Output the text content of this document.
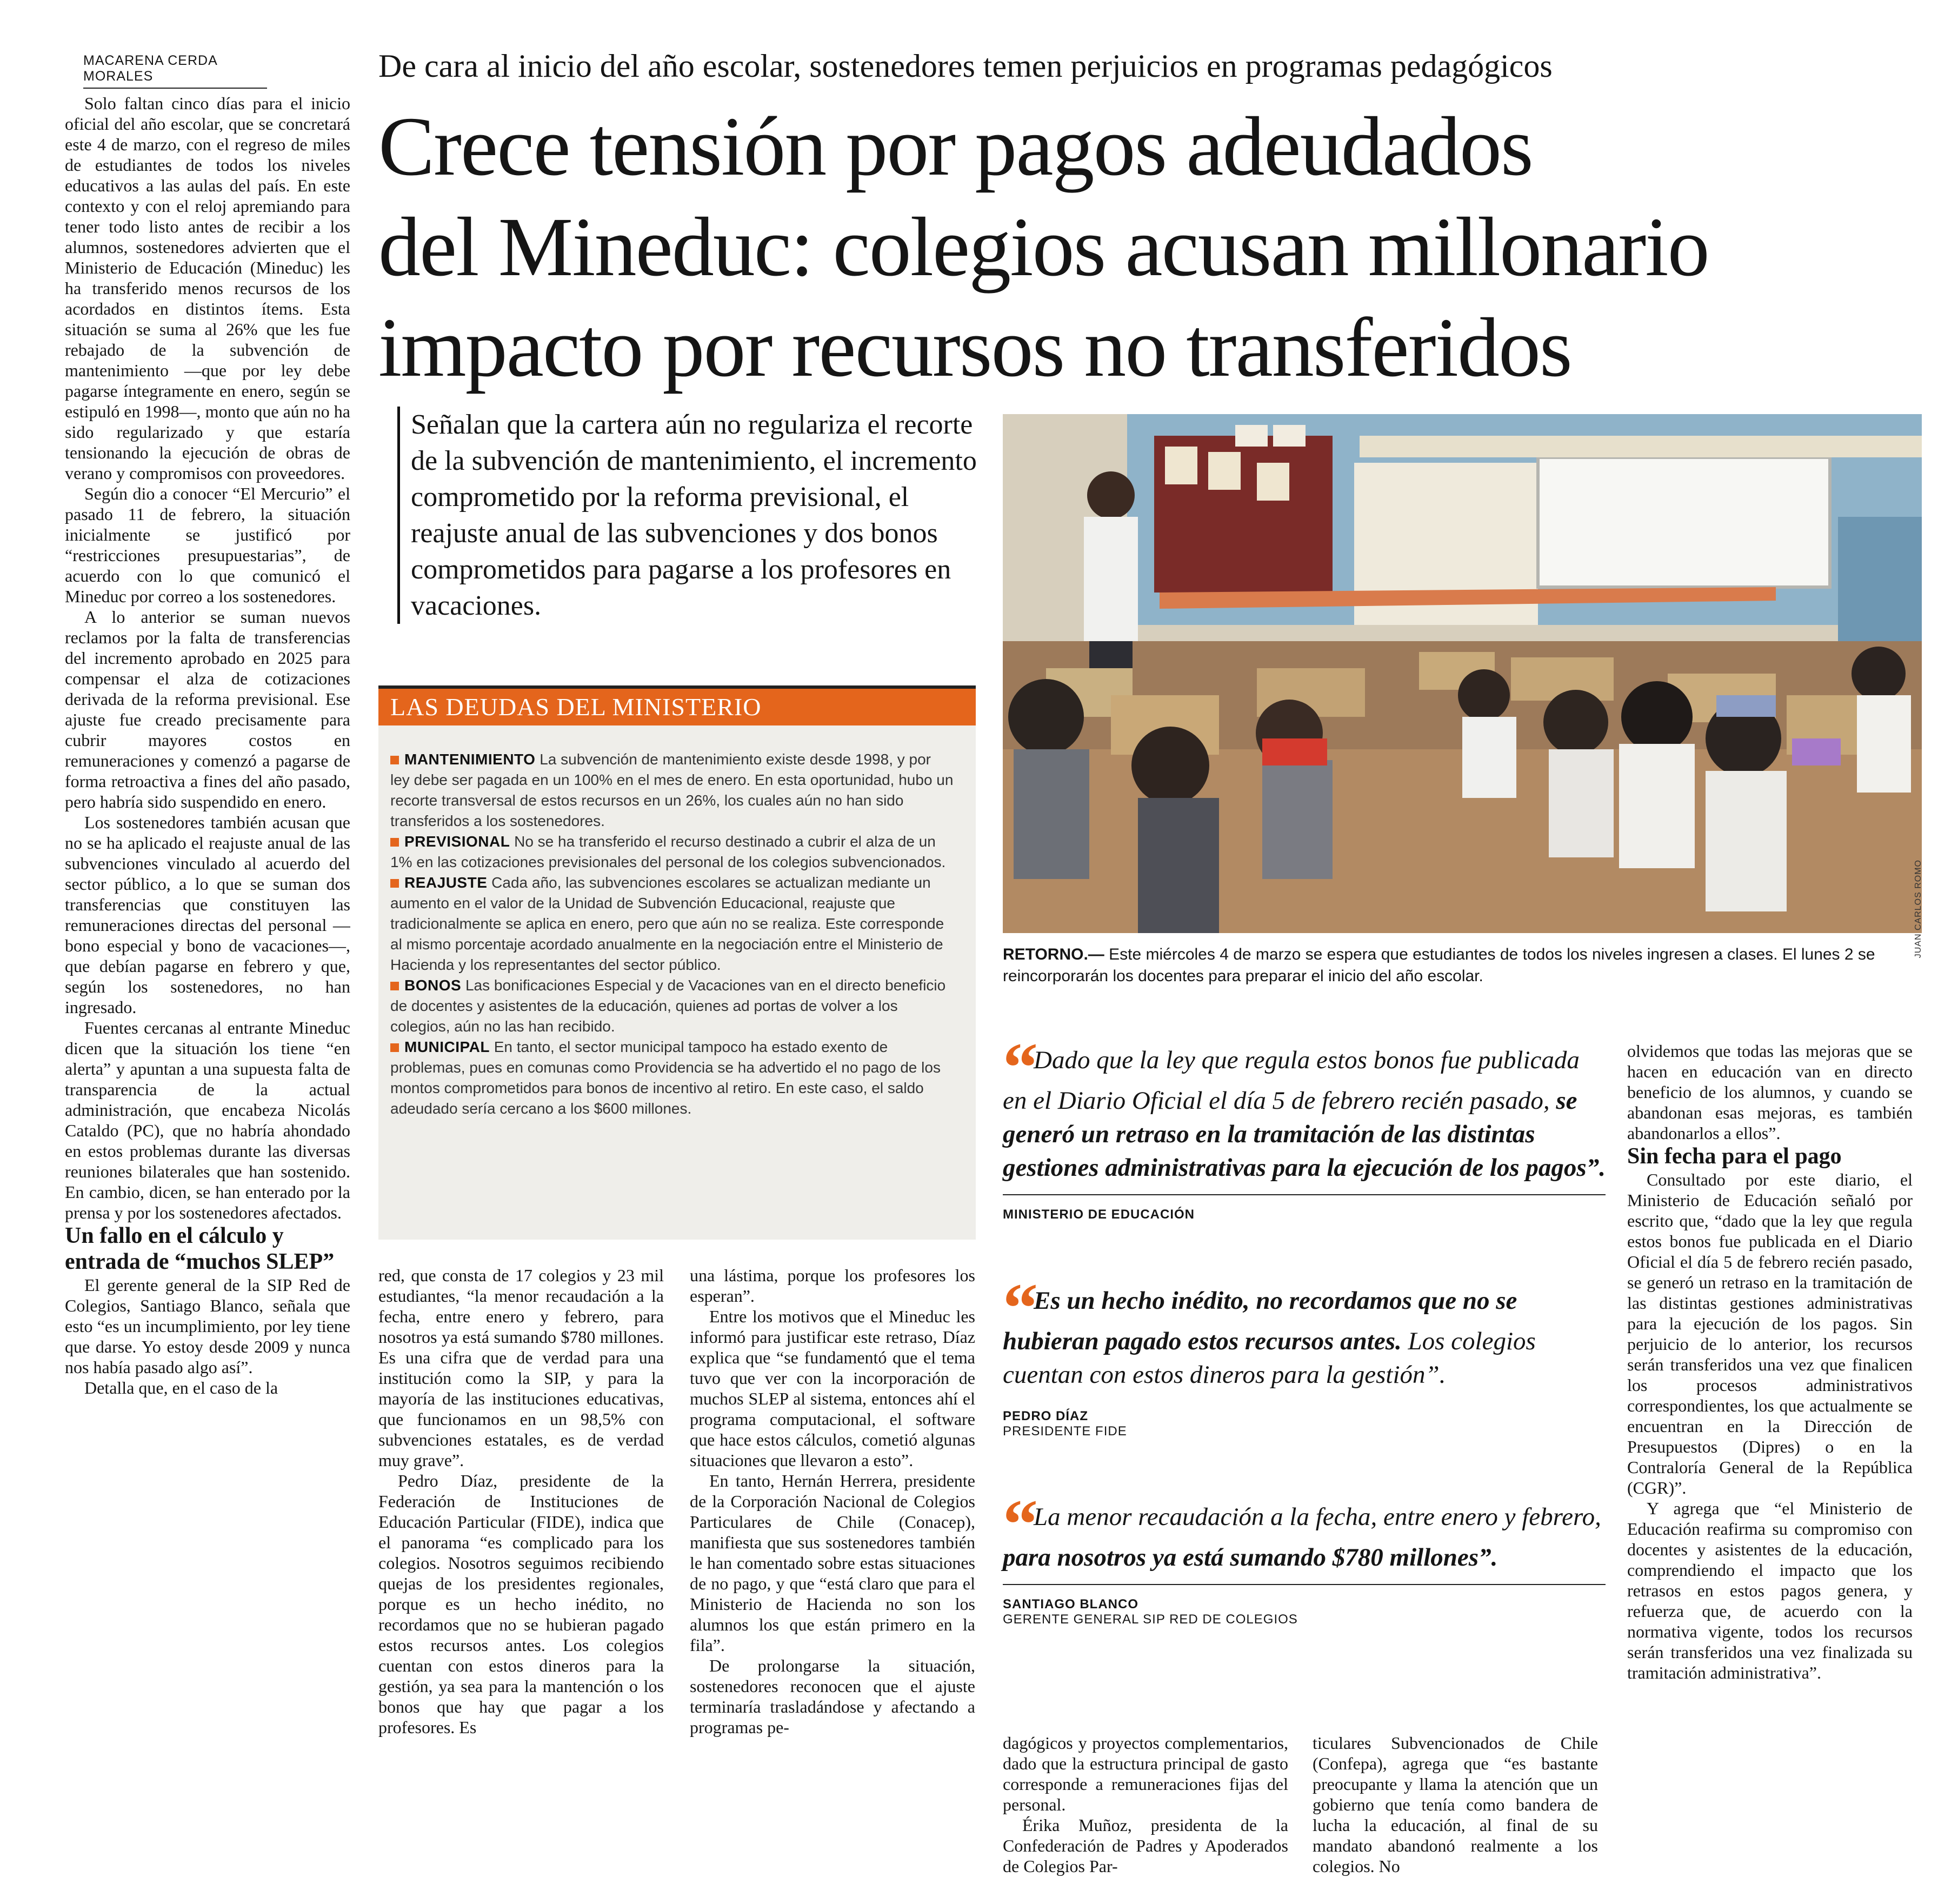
MACARENA CERDA MORALES	De cara al inicio del año escolar, sostenedores temen perjuicios en programas pedagógicos
Crece tensión por pagos adeudados
del Mineduc: colegios acusan millonario
impacto por recursos no transferidos

Solo faltan cinco días para el inicio oficial del año escolar, que se concretará este 4 de marzo, con el regreso de miles de estudiantes de todos los niveles educativos a las aulas del país. En este contexto y con el reloj apremiando para tener todo listo antes de recibir a los alumnos, sostenedores advierten que el Ministerio de Educación (Mineduc) les ha transferido menos recursos de los acordados en distintos ítems. Esta situación se suma al 26% que les fue rebajado de la subvención de mantenimiento —que por ley debe pagarse íntegramente en enero, según se estipuló en 1998—, monto que aún no ha sido regularizado y que estaría tensionando la ejecución de obras de verano y compromisos con proveedores.

Según dio a conocer “El Mercurio” el pasado 11 de febrero, la situación inicialmente se justificó por “restricciones presupuestarias”, de acuerdo con lo que comunicó el Mineduc por correo a los sostenedores.

A lo anterior se suman nuevos reclamos por la falta de transferencias del incremento aprobado en 2025 para compensar el alza de cotizaciones derivada de la reforma previsional. Ese ajuste fue creado precisamente para cubrir mayores costos en remuneraciones y comenzó a pagarse de forma retroactiva a fines del año pasado, pero habría sido suspendido en enero.

Los sostenedores también acusan que no se ha aplicado el reajuste anual de las subvenciones vinculado al acuerdo del sector público, a lo que se suman dos transferencias que constituyen las remuneraciones directas del personal —bono especial y bono de vacaciones—, que debían pagarse en febrero y que, según los sostenedores, no han ingresado.

Fuentes cercanas al entrante Mineduc dicen que la situación los tiene “en alerta” y apuntan a una supuesta falta de transparencia de la actual administración, que encabeza Nicolás Cataldo (PC), que no habría ahondado en estos problemas durante las diversas reuniones bilaterales que han sostenido. En cambio, dicen, se han enterado por la prensa y por los sostenedores afectados.

Un fallo en el cálculo y entrada de “muchos SLEP”

El gerente general de la SIP Red de Colegios, Santiago Blanco, señala que esto “es un incumplimiento, por ley tiene que darse. Yo estoy desde 2009 y nunca nos había pasado algo así”.

Detalla que, en el caso de la

Señalan que la cartera aún no regulariza el recorte de la subvención de mantenimiento, el incremento comprometido por la reforma previsional, el reajuste anual de las subvenciones y dos bonos comprometidos para pagarse a los profesores en vacaciones.
LAS DEUDAS DEL MINISTERIO

MANTENIMIENTO La subvención de mantenimiento existe desde 1998, y por ley debe ser pagada en un 100% en el mes de enero. En esta oportunidad, hubo un recorte transversal de estos recursos en un 26%, los cuales aún no han sido transferidos a los sostenedores.

PREVISIONAL No se ha transferido el recurso destinado a cubrir el alza de un 1% en las cotizaciones previsionales del personal de los colegios subvencionados.

REAJUSTE Cada año, las subvenciones escolares se actualizan mediante un aumento en el valor de la Unidad de Subvención Educacional, reajuste que tradicionalmente se aplica en enero, pero que aún no se realiza. Este corresponde al mismo porcentaje acordado anualmente en la negociación entre el Ministerio de Hacienda y los representantes del sector público.

BONOS Las bonificaciones Especial y de Vacaciones van en el directo beneficio de docentes y asistentes de la educación, quienes ad portas de volver a los colegios, aún no las han recibido.

MUNICIPAL En tanto, el sector municipal tampoco ha estado exento de problemas, pues en comunas como Providencia se ha advertido el no pago de los montos comprometidos para bonos de incentivo al retiro. En este caso, el saldo adeudado sería cercano a los $600 millones.

red, que consta de 17 colegios y 23 mil estudiantes, “la menor recaudación a la fecha, entre enero y febrero, para nosotros ya está sumando $780 millones. Es una cifra que de verdad para una institución como la SIP, y para la mayoría de las instituciones educativas, que funcionamos en un 98,5% con subvenciones estatales, es de verdad muy grave”.

Pedro Díaz, presidente de la Federación de Instituciones de Educación Particular (FIDE), indica que el panorama “es complicado para los colegios. Nosotros seguimos recibiendo quejas de los presidentes regionales, porque es un hecho inédito, no recordamos que no se hubieran pagado estos recursos antes. Los colegios cuentan con estos dineros para la gestión, ya sea para la mantención o los bonos que hay que pagar a los profesores. Es

una lástima, porque los profesores los esperan”.

Entre los motivos que el Mineduc les informó para justificar este retraso, Díaz explica que “se fundamentó que el tema tuvo que ver con la incorporación de muchos SLEP al sistema, entonces ahí el programa computacional, el software que hace estos cálculos, cometió algunas situaciones que llevaron a esto”.

En tanto, Hernán Herrera, presidente de la Corporación Nacional de Colegios Particulares de Chile (Conacep), manifiesta que sus sostenedores también le han comentado sobre estas situaciones de no pago, y que “está claro que para el Ministerio de Hacienda no son los alumnos los que están primero en la fila”.

De prolongarse la situación, sostenedores reconocen que el ajuste terminaría trasladándose y afectando a programas pe-

JUAN CARLOS ROMO
RETORNO.— Este miércoles 4 de marzo se espera que estudiantes de todos los niveles ingresen a clases. El lunes 2 se reincorporarán los docentes para preparar el inicio del año escolar.
“ Dado que la ley que regula estos bonos fue publicada en el Diario Oficial el día 5 de febrero recién pasado, se generó un retraso en la tramitación de las distintas gestiones administrativas para la ejecución de los pagos”.
MINISTERIO DE EDUCACIÓN
“ Es un hecho inédito, no recordamos que no se hubieran pagado estos recursos antes. Los colegios cuentan con estos dineros para la gestión”.
PEDRO DÍAZ
PRESIDENTE FIDE
“ La menor recaudación a la fecha, entre enero y febrero, para nosotros ya está sumando $780 millones”.
SANTIAGO BLANCO
GERENTE GENERAL SIP RED DE COLEGIOS

dagógicos y proyectos complementarios, dado que la estructura principal de gasto corresponde a remuneraciones fijas del personal.

Érika Muñoz, presidenta de la Confederación de Padres y Apoderados de Colegios Par-

ticulares Subvencionados de Chile (Confepa), agrega que “es bastante preocupante y llama la atención que un gobierno que tenía como bandera de lucha la educación, al final de su mandato abandonó realmente a los colegios. No

olvidemos que todas las mejoras que se hacen en educación van en directo beneficio de los alumnos, y cuando se abandonan esas mejoras, es también abandonarlos a ellos”.

Sin fecha para el pago

Consultado por este diario, el Ministerio de Educación señaló por escrito que, “dado que la ley que regula estos bonos fue publicada en el Diario Oficial el día 5 de febrero recién pasado, se generó un retraso en la tramitación de las distintas gestiones administrativas para la ejecución de los pagos. Sin perjuicio de lo anterior, los recursos serán transferidos una vez que finalicen los procesos administrativos correspondientes, los que actualmente se encuentran en la Dirección de Presupuestos (Dipres) o en la Contraloría General de la República (CGR)”.

Y agrega que “el Ministerio de Educación reafirma su compromiso con docentes y asistentes de la educación, comprendiendo el impacto que los retrasos en estos pagos genera, y refuerza que, de acuerdo con la normativa vigente, todos los recursos serán transferidos una vez finalizada su tramitación administrativa”.
